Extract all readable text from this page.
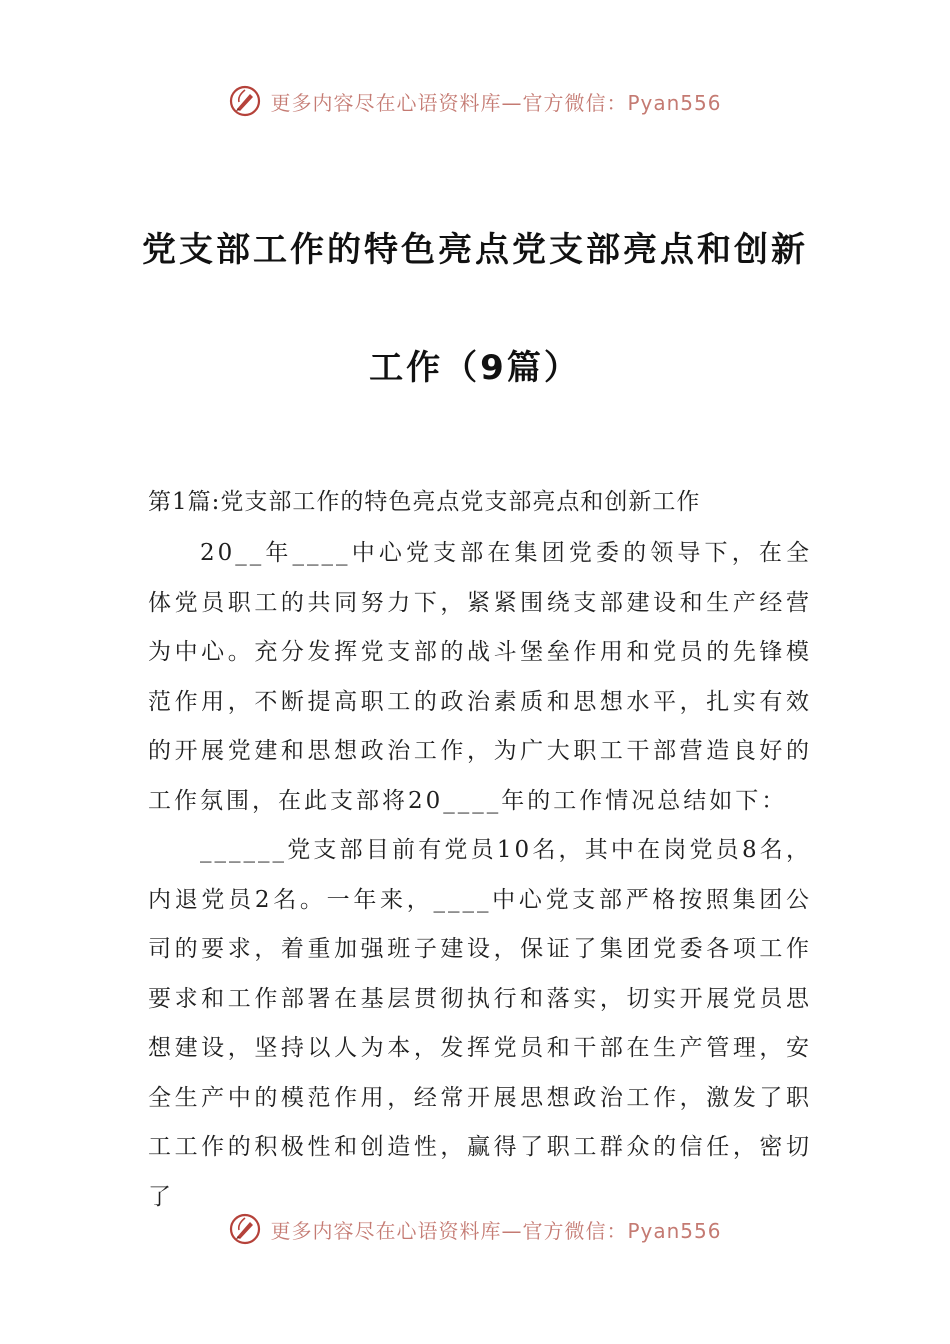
更多内容尽在心语资料库—官方微信：Pyan556
党支部工作的特色亮点党支部亮点和创新
工作（9篇）
第1篇:党支部工作的特色亮点党支部亮点和创新工作

20__年____中心党支部在集团党委的领导下，在全体党员职工的共同努力下，紧紧围绕支部建设和生产经营为中心。充分发挥党支部的战斗堡垒作用和党员的先锋模范作用，不断提高职工的政治素质和思想水平，扎实有效的开展党建和思想政治工作，为广大职工干部营造良好的工作氛围，在此支部将20____年的工作情况总结如下：

______党支部目前有党员10名，其中在岗党员8名，内退党员2名。一年来，____中心党支部严格按照集团公司的要求，着重加强班子建设，保证了集团党委各项工作要求和工作部署在基层贯彻执行和落实，切实开展党员思想建设，坚持以人为本，发挥党员和干部在生产管理，安全生产中的模范作用，经常开展思想政治工作，激发了职工工作的积极性和创造性，赢得了职工群众的信任，密切了

更多内容尽在心语资料库—官方微信：Pyan556
